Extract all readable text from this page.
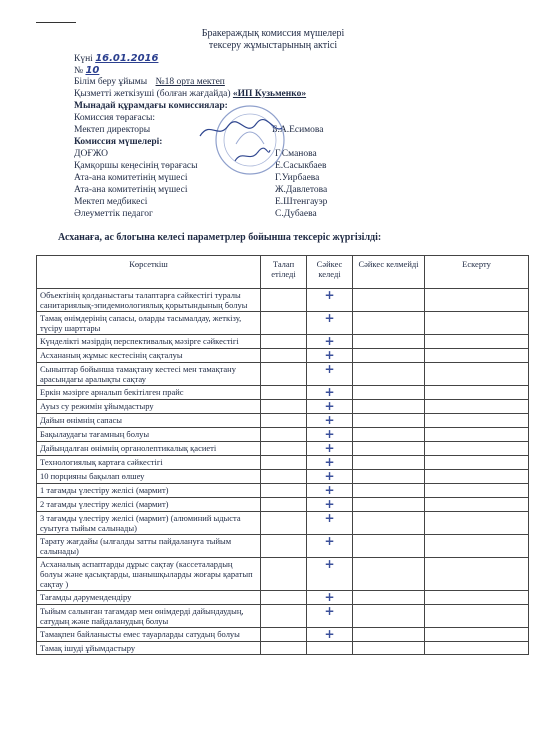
Бракераждық комиссия мүшелері
тексеру жұмыстарының актісі
Күні 16.01.2016
№ 10
Білім беру ұйымы №18 орта мектеп
Қызметті жеткізуші (болған жағдайда) «ИП Кузьменко»
Мынадай құрамдағы комиссиялар:
Комиссия төрағасы:
Мектеп директоры	Б.А.Есимова
Комиссия мүшелері:
ДОҒЖО	Г.Сманова
Қамқоршы кеңесінің төрағасы	Е.Сасыкбаев
Ата-ана комитетінің мүшесі	Г.Уирбаева
Ата-ана комитетінің мүшесі	Ж.Давлетова
Мектеп медбикесі	Е.Штенгауэр
Әлеуметтік педагог	С.Дубаева
Асханаға, ас блогына келесі параметрлер бойынша тексеріс жүргізілді:
Көрсеткіш	Талап етіледі	Сәйкес келеді	Сәйкес келмейді	Ескерту
Объектінің қолданыстағы талаптарға сәйкестігі туралы санитариялық-эпидемиологиялық қорытындының болуы		+		
Тамақ өнімдерінің сапасы, оларды тасымалдау, жеткізу, түсіру шарттары		+		
Күнделікті мәзірдің перспективалық мәзірге сәйкестігі		+		
Асхананың жұмыс кестесінің сақталуы		+		
Сыныптар бойынша тамақтану кестесі мен тамақтану арасындағы аралықты сақтау		+		
Еркін мәзірге арналып бекітілген прайс		+		
Ауыз су режимін ұйымдастыру		+		
Дайын өнімнің сапасы		+		
Бақылаудағы тағамның болуы		+		
Дайындалған өнімнің органолептикалық қасиеті		+		
Технологиялық картаға сәйкестігі		+		
10 порцияны бақылап өлшеу		+		
1 тағамды үлестіру желісі (мармит)		+		
2 тағамды үлестіру желісі (мармит)		+		
3 тағамды үлестіру желісі (мармит) (алюминий ыдыста суытуға тыйым салынады)		+		
Тарату жағдайы (ылғалды затты пайдалануға тыйым салынады)		+		
Асханалық аспаптарды дұрыс сақтау (кассеталардың болуы және қасықтарды, шанышқыларды жоғары қаратып сақтау )		+		
Тағамды дәрумендендіру		+		
Тыйым салынған тағамдар мен өнімдерді дайындаудың, сатудың және пайдаланудың болуы		+		
Тамақпен байланысты емес тауарларды сатудың болуы		+		
Тамақ ішуді ұйымдастыру				
